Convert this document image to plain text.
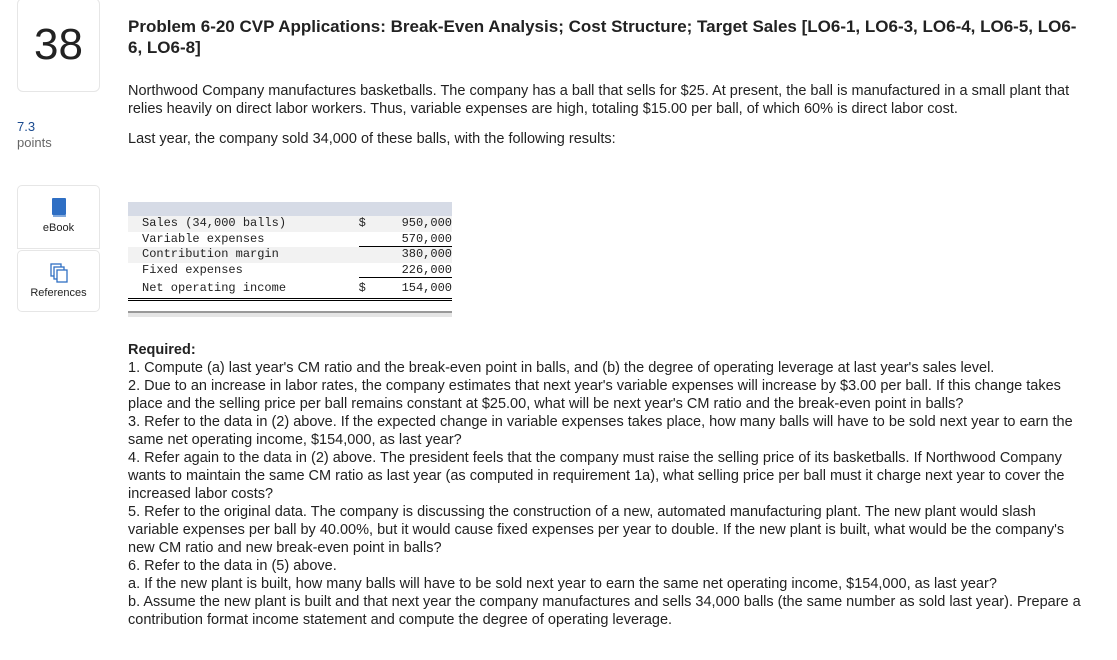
38
7.3
points
eBook
References
Problem 6-20 CVP Applications: Break-Even Analysis; Cost Structure; Target Sales [LO6-1, LO6-3, LO6-4, LO6-5, LO6-6, LO6-8]

Northwood Company manufactures basketballs. The company has a ball that sells for $25. At present, the ball is manufactured in a small plant that relies heavily on direct labor workers. Thus, variable expenses are high, totaling $15.00 per ball, of which 60% is direct labor cost.

Last year, the company sold 34,000 of these balls, with the following results:

Sales (34,000 balls)	$	950,000
Variable expenses	570,000
Contribution margin	380,000
Fixed expenses	226,000
Net operating income	$	154,000

Required:

1. Compute (a) last year's CM ratio and the break-even point in balls, and (b) the degree of operating leverage at last year's sales level.

2. Due to an increase in labor rates, the company estimates that next year's variable expenses will increase by $3.00 per ball. If this change takes place and the selling price per ball remains constant at $25.00, what will be next year's CM ratio and the break-even point in balls?

3. Refer to the data in (2) above. If the expected change in variable expenses takes place, how many balls will have to be sold next year to earn the same net operating income, $154,000, as last year?

4. Refer again to the data in (2) above. The president feels that the company must raise the selling price of its basketballs. If Northwood Company wants to maintain the same CM ratio as last year (as computed in requirement 1a), what selling price per ball must it charge next year to cover the increased labor costs?

5. Refer to the original data. The company is discussing the construction of a new, automated manufacturing plant. The new plant would slash variable expenses per ball by 40.00%, but it would cause fixed expenses per year to double. If the new plant is built, what would be the company's new CM ratio and new break-even point in balls?

6. Refer to the data in (5) above.

a. If the new plant is built, how many balls will have to be sold next year to earn the same net operating income, $154,000, as last year?

b. Assume the new plant is built and that next year the company manufactures and sells 34,000 balls (the same number as sold last year). Prepare a contribution format income statement and compute the degree of operating leverage.
